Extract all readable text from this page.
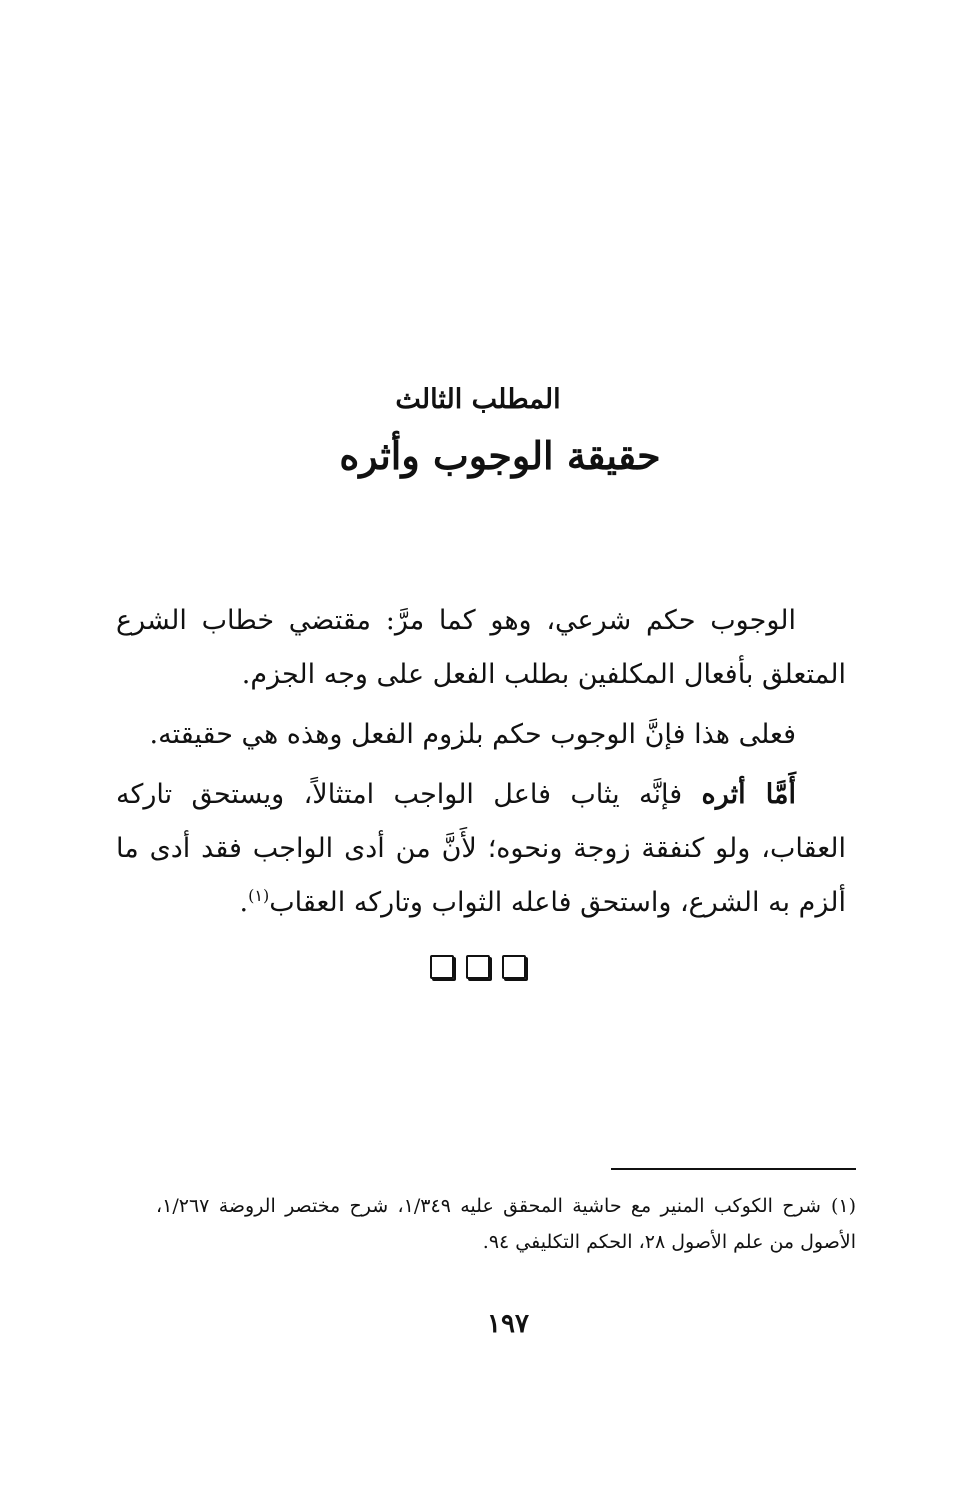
المطلب الثالث
حقيقة الوجوب وأثره

الوجوب حكم شرعي، وهو كما مرَّ: مقتضي خطاب الشرع المتعلق بأفعال المكلفين بطلب الفعل على وجه الجزم.

فعلى هذا فإنَّ الوجوب حكم بلزوم الفعل وهذه هي حقيقته.

أَمَّا أثره فإنَّه يثاب فاعل الواجب امتثالاً، ويستحق تاركه العقاب، ولو كنفقة زوجة ونحوه؛ لأَنَّ من أدى الواجب فقد أدى ما ألزم به الشرع، واستحق فاعله الثواب وتاركه العقاب$^{(١)}$.

(١)شرح الكوكب المنير مع حاشية المحقق عليه ١/٣٤٩، شرح مختصر الروضة ١/٢٦٧، الأصول من علم الأصول ٢٨، الحكم التكليفي ٩٤.
١٩٧
